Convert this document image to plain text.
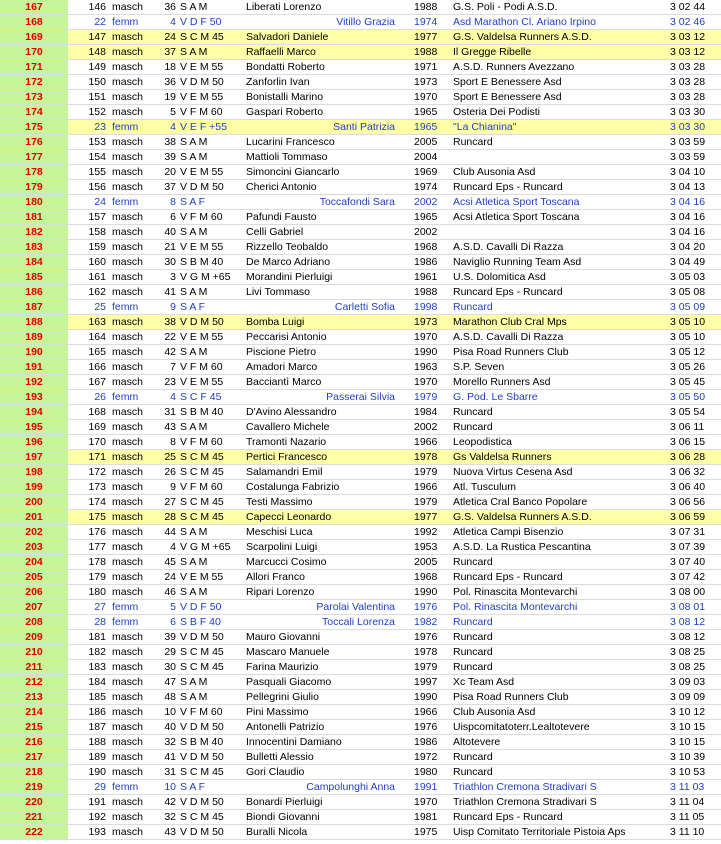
167	146 masch	36 S A M	Liberati Lorenzo	1988 G.S. Poli - Podi A.S.D.	3 02 44
168	22 femm	4 V D F 50	Vitillo Grazia 1974 Asd Marathon Cl. Ariano Irpino	3 02 46
169	147 masch	24 S C M 45 Salvadori Daniele	1977 G.S. Valdelsa Runners A.S.D.	3 03 12
170	148 masch	37 S A M	Raffaelli Marco	1988 Il Gregge Ribelle	3 03 12
171	149 masch	18 V E M 55 Bondatti Roberto	1971 A.S.D. Runners Avezzano	3 03 28
172	150 masch	36 V D M 50 Zanforlin Ivan	1973 Sport E Benessere Asd	3 03 28
173	151 masch	19 V E M 55 Bonistalli Marino	1970 Sport E Benessere Asd	3 03 28
174	152 masch	5 V F M 60 Gaspari Roberto	1965 Osteria Dei Podisti	3 03 30
175	23 femm	4 V E F +55	Santi Patrizia 1965 "La Chianina"	3 03 30
176	153 masch	38 S A M	Lucarini Francesco	2005 Runcard	3 03 59
177	154 masch	39 S A M	Mattioli Tommaso	2004	3 03 59
178	155 masch	20 V E M 55 Simoncini Giancarlo	1969 Club Ausonia Asd	3 04 10
179	156 masch	37 V D M 50 Cherici Antonio	1974 Runcard Eps - Runcard	3 04 13
180	24 femm	8 S A F	Toccafondi Sara 2002 Acsi Atletica Sport Toscana	3 04 16
181	157 masch	6 V F M 60 Pafundi Fausto	1965 Acsi Atletica Sport Toscana	3 04 16
182	158 masch	40 S A M	Celli Gabriel	2002	3 04 16
183	159 masch	21 V E M 55 Rizzello Teobaldo	1968 A.S.D. Cavalli Di Razza	3 04 20
184	160 masch	30 S B M 40 De Marco Adriano	1986 Naviglio Running Team Asd	3 04 49
185	161 masch	3 V G M +65 Morandini Pierluigi	1961 U.S. Dolomitica Asd	3 05 03
186	162 masch	41 S A M	Livi Tommaso	1988 Runcard Eps - Runcard	3 05 08
187	25 femm	9 S A F	Carletti Sofia 1998 Runcard	3 05 09
188	163 masch	38 V D M 50 Bomba Luigi	1973 Marathon Club Cral Mps	3 05 10
189	164 masch	22 V E M 55 Peccarisi Antonio	1970 A.S.D. Cavalli Di Razza	3 05 10
190	165 masch	42 S A M	Piscione Pietro	1990 Pisa Road Runners Club	3 05 12
191	166 masch	7 V F M 60 Amadori Marco	1963 S.P. Seven	3 05 26
192	167 masch	23 V E M 55 Bacciantì Marco	1970 Morello Runners Asd	3 05 45
193	26 femm	4 S C F 45	Passerai Silvia 1979 G. Pod. Le Sbarre	3 05 50
194	168 masch	31 S B M 40 D'Avino Alessandro	1984 Runcard	3 05 54
195	169 masch	43 S A M	Cavallero Michele	2002 Runcard	3 06 11
196	170 masch	8 V F M 60 Tramonti Nazario	1966 Leopodistica	3 06 15
197	171 masch	25 S C M 45 Pertici Francesco	1978 Gs Valdelsa Runners	3 06 28
198	172 masch	26 S C M 45 Salamandri Emil	1979 Nuova Virtus Cesena Asd	3 06 32
199	173 masch	9 V F M 60 Costalunga Fabrizio	1966 Atl. Tusculum	3 06 40
200	174 masch	27 S C M 45 Testi Massimo	1979 Atletica Cral Banco Popolare	3 06 56
201	175 masch	28 S C M 45 Capecci Leonardo	1977 G.S. Valdelsa Runners A.S.D.	3 06 59
202	176 masch	44 S A M	Meschisi Luca	1992 Atletica Campi Bisenzio	3 07 31
203	177 masch	4 V G M +65 Scarpolini Luigi	1953 A.S.D. La Rustica Pescantina	3 07 39
204	178 masch	45 S A M	Marcucci Cosimo	2005 Runcard	3 07 40
205	179 masch	24 V E M 55 Allori Franco	1968 Runcard Eps - Runcard	3 07 42
206	180 masch	46 S A M	Ripari Lorenzo	1990 Pol. Rinascita Montevarchi	3 08 00
207	27 femm	5 V D F 50	Parolai Valentina 1976 Pol. Rinascita Montevarchi	3 08 01
208	28 femm	6 S B F 40	Toccali Lorenza 1982 Runcard	3 08 12
209	181 masch	39 V D M 50 Mauro Giovanni	1976 Runcard	3 08 12
210	182 masch	29 S C M 45 Mascaro Manuele	1978 Runcard	3 08 25
211	183 masch	30 S C M 45 Farina Maurizio	1979 Runcard	3 08 25
212	184 masch	47 S A M	Pasquali Giacomo	1997 Xc Team Asd	3 09 03
213	185 masch	48 S A M	Pellegrini Giulio	1990 Pisa Road Runners Club	3 09 09
214	186 masch	10 V F M 60 Pini Massimo	1966 Club Ausonia Asd	3 10 12
215	187 masch	40 V D M 50 Antonelli Patrizio	1976 Uispcomitatoterr.Lealtotevere	3 10 15
216	188 masch	32 S B M 40 Innocentini Damiano	1986 Altotevere	3 10 15
217	189 masch	41 V D M 50 Bulletti Alessio	1972 Runcard	3 10 39
218	190 masch	31 S C M 45 Gori Claudio	1980 Runcard	3 10 53
219	29 femm	10 S A F	Campolunghi Anna 1991 Triathlon Cremona Stradivari S	3 11 03
220	191 masch	42 V D M 50 Bonardi Pierluigi	1970 Triathlon Cremona Stradivari S	3 11 04
221	192 masch	32 S C M 45 Biondi Giovanni	1981 Runcard Eps - Runcard	3 11 05
222	193 masch	43 V D M 50 Buralli Nicola	1975 Uisp Comitato Territoriale Pistoia Aps	3 11 10
